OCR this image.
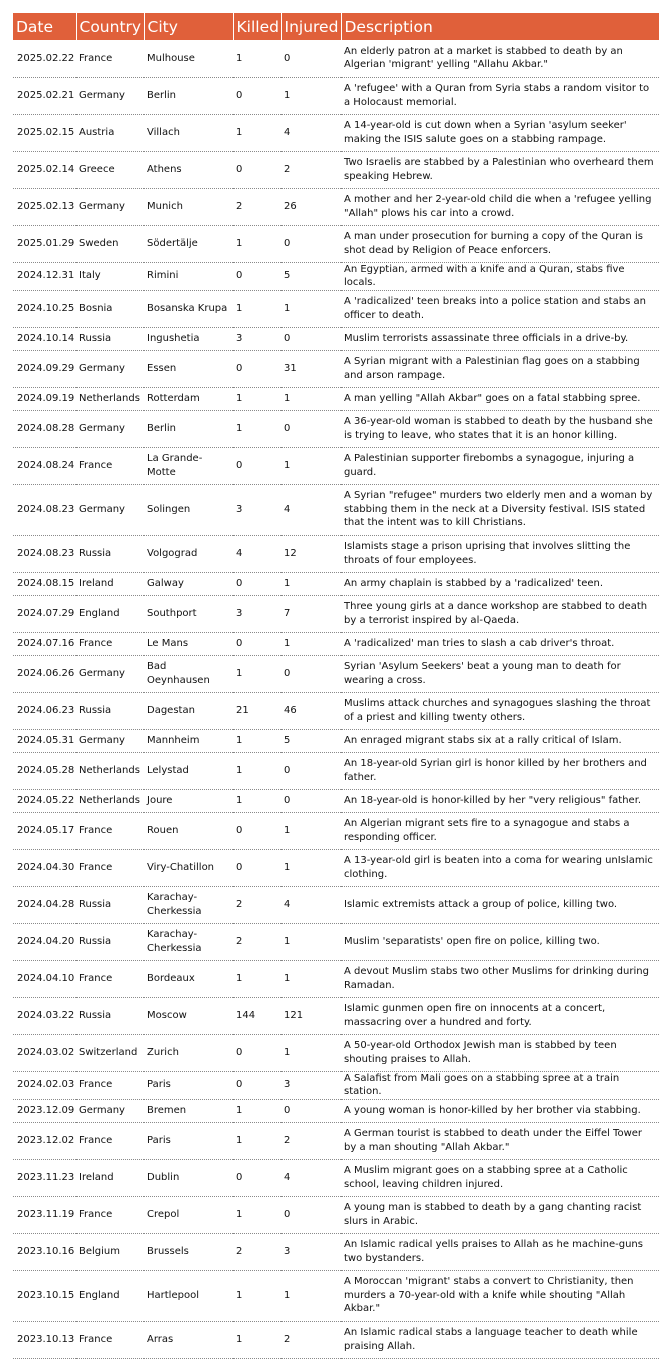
Date	Country	City	Killed	Injured	Description
2025.02.22	France	Mulhouse	1	0	An elderly patron at a market is stabbed to death by an Algerian 'migrant' yelling "Allahu Akbar."
2025.02.21	Germany	Berlin	0	1	A 'refugee' with a Quran from Syria stabs a random visitor to a Holocaust memorial.
2025.02.15	Austria	Villach	1	4	A 14-year-old is cut down when a Syrian 'asylum seeker' making the ISIS salute goes on a stabbing rampage.
2025.02.14	Greece	Athens	0	2	Two Israelis are stabbed by a Palestinian who overheard them speaking Hebrew.
2025.02.13	Germany	Munich	2	26	A mother and her 2-year-old child die when a 'refugee yelling "Allah" plows his car into a crowd.
2025.01.29	Sweden	Södertälje	1	0	A man under prosecution for burning a copy of the Quran is shot dead by Religion of Peace enforcers.
2024.12.31	Italy	Rimini	0	5	An Egyptian, armed with a knife and a Quran, stabs five locals.
2024.10.25	Bosnia	Bosanska Krupa	1	1	A 'radicalized' teen breaks into a police station and stabs an officer to death.
2024.10.14	Russia	Ingushetia	3	0	Muslim terrorists assassinate three officials in a drive-by.
2024.09.29	Germany	Essen	0	31	A Syrian migrant with a Palestinian flag goes on a stabbing and arson rampage.
2024.09.19	Netherlands	Rotterdam	1	1	A man yelling "Allah Akbar" goes on a fatal stabbing spree.
2024.08.28	Germany	Berlin	1	0	A 36-year-old woman is stabbed to death by the husband she is trying to leave, who states that it is an honor killing.
2024.08.24	France	La Grande-Motte	0	1	A Palestinian supporter firebombs a synagogue, injuring a guard.
2024.08.23	Germany	Solingen	3	4	A Syrian "refugee" murders two elderly men and a woman by stabbing them in the neck at a Diversity festival. ISIS stated that the intent was to kill Christians.
2024.08.23	Russia	Volgograd	4	12	Islamists stage a prison uprising that involves slitting the throats of four employees.
2024.08.15	Ireland	Galway	0	1	An army chaplain is stabbed by a 'radicalized' teen.
2024.07.29	England	Southport	3	7	Three young girls at a dance workshop are stabbed to death by a terrorist inspired by al-Qaeda.
2024.07.16	France	Le Mans	0	1	A 'radicalized' man tries to slash a cab driver's throat.
2024.06.26	Germany	Bad Oeynhausen	1	0	Syrian 'Asylum Seekers' beat a young man to death for wearing a cross.
2024.06.23	Russia	Dagestan	21	46	Muslims attack churches and synagogues slashing the throat of a priest and killing twenty others.
2024.05.31	Germany	Mannheim	1	5	An enraged migrant stabs six at a rally critical of Islam.
2024.05.28	Netherlands	Lelystad	1	0	An 18-year-old Syrian girl is honor killed by her brothers and father.
2024.05.22	Netherlands	Joure	1	0	An 18-year-old is honor-killed by her "very religious" father.
2024.05.17	France	Rouen	0	1	An Algerian migrant sets fire to a synagogue and stabs a responding officer.
2024.04.30	France	Viry-Chatillon	0	1	A 13-year-old girl is beaten into a coma for wearing unIslamic clothing.
2024.04.28	Russia	Karachay-Cherkessia	2	4	Islamic extremists attack a group of police, killing two.
2024.04.20	Russia	Karachay-Cherkessia	2	1	Muslim 'separatists' open fire on police, killing two.
2024.04.10	France	Bordeaux	1	1	A devout Muslim stabs two other Muslims for drinking during Ramadan.
2024.03.22	Russia	Moscow	144	121	Islamic gunmen open fire on innocents at a concert, massacring over a hundred and forty.
2024.03.02	Switzerland	Zurich	0	1	A 50-year-old Orthodox Jewish man is stabbed by teen shouting praises to Allah.
2024.02.03	France	Paris	0	3	A Salafist from Mali goes on a stabbing spree at a train station.
2023.12.09	Germany	Bremen	1	0	A young woman is honor-killed by her brother via stabbing.
2023.12.02	France	Paris	1	2	A German tourist is stabbed to death under the Eiffel Tower by a man shouting "Allah Akbar."
2023.11.23	Ireland	Dublin	0	4	A Muslim migrant goes on a stabbing spree at a Catholic school, leaving children injured.
2023.11.19	France	Crepol	1	0	A young man is stabbed to death by a gang chanting racist slurs in Arabic.
2023.10.16	Belgium	Brussels	2	3	An Islamic radical yells praises to Allah as he machine-guns two bystanders.
2023.10.15	England	Hartlepool	1	1	A Moroccan 'migrant' stabs a convert to Christianity, then murders a 70-year-old with a knife while shouting "Allah Akbar."
2023.10.13	France	Arras	1	2	An Islamic radical stabs a language teacher to death while praising Allah.
